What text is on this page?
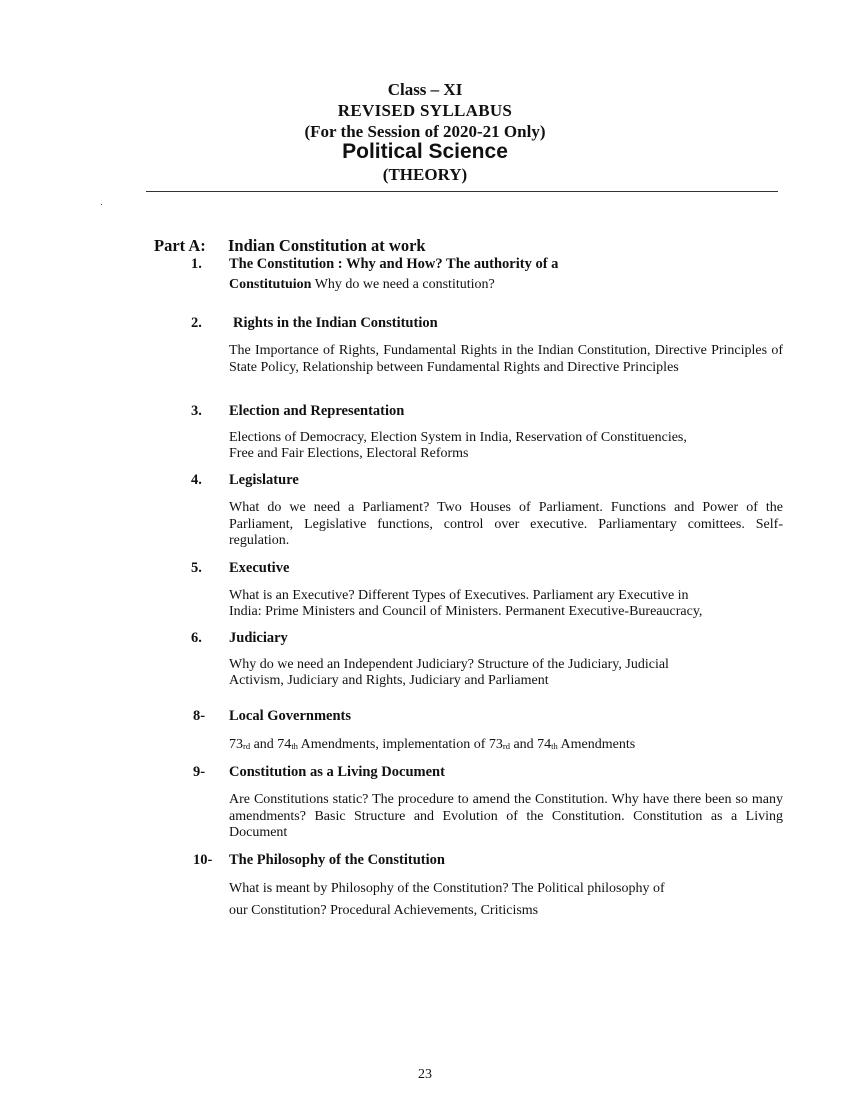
Class – XI
REVISED SYLLABUS
(For the Session of 2020-21 Only)
Political Science
(THEORY)
Part A: Indian Constitution at work
1. The Constitution : Why and How? The authority of a
Constitutuion Why do we need a constitution?
2. Rights in the Indian Constitution
The Importance of Rights, Fundamental Rights in the Indian Constitution, Directive Principles of State Policy, Relationship between Fundamental Rights and Directive Principles
3. Election and Representation
Elections of Democracy, Election System in India, Reservation of Constituencies,
Free and Fair Elections, Electoral Reforms
4. Legislature
What do we need a Parliament? Two Houses of Parliament. Functions and Power of the Parliament, Legislative functions, control over executive. Parliamentary comittees. Self-regulation.
5. Executive
What is an Executive? Different Types of Executives. Parliament ary Executive in
India: Prime Ministers and Council of Ministers. Permanent Executive-Bureaucracy,
6. Judiciary
Why do we need an Independent Judiciary? Structure of the Judiciary, Judicial
Activism, Judiciary and Rights, Judiciary and Parliament
8- Local Governments
$73_{rd}$ and $74_{th}$ Amendments, implementation of $73_{rd}$ and $74_{th}$ Amendments
9- Constitution as a Living Document
Are Constitutions static? The procedure to amend the Constitution. Why have there been so many amendments? Basic Structure and Evolution of the Constitution. Constitution as a Living Document
10- The Philosophy of the Constitution
What is meant by Philosophy of the Constitution? The Political philosophy of
our Constitution? Procedural Achievements, Criticisms
23
